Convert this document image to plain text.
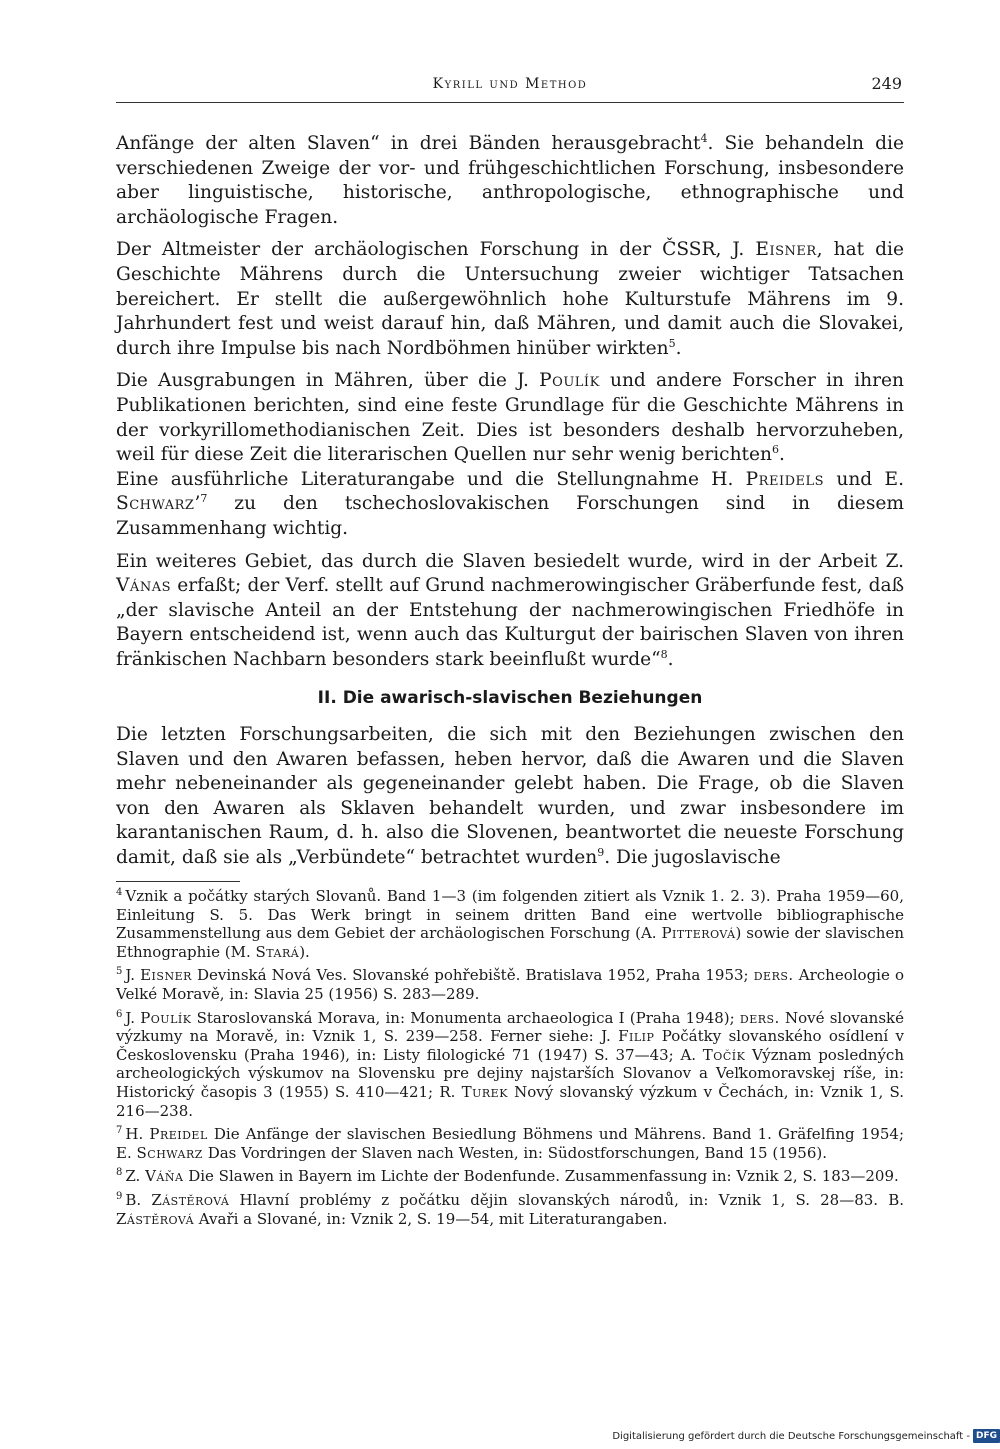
Kyrill und Method	249

Anfänge der alten Slaven“ in drei Bänden herausgebracht$^4$. Sie behandeln die verschiedenen Zweige der vor- und frühgeschichtlichen Forschung, insbesondere aber linguistische, historische, anthropologische, ethnographische und archäologische Fragen.

Der Altmeister der archäologischen Forschung in der ČSSR, J. Eisner, hat die Geschichte Mährens durch die Untersuchung zweier wichtiger Tatsachen bereichert. Er stellt die außergewöhnlich hohe Kulturstufe Mährens im 9. Jahrhundert fest und weist darauf hin, daß Mähren, und damit auch die Slovakei, durch ihre Impulse bis nach Nordböhmen hinüber wirkten$^5$.

Die Ausgrabungen in Mähren, über die J. Poulík und andere Forscher in ihren Publikationen berichten, sind eine feste Grundlage für die Geschichte Mährens in der vorkyrillomethodianischen Zeit. Dies ist besonders deshalb hervorzuheben, weil für diese Zeit die literarischen Quellen nur sehr wenig berichten$^6$.

Eine ausführliche Literaturangabe und die Stellungnahme H. Preidels und E. Schwarz’$^7$ zu den tschechoslovakischen Forschungen sind in diesem Zusammenhang wichtig.

Ein weiteres Gebiet, das durch die Slaven besiedelt wurde, wird in der Arbeit Z. Vánas erfaßt; der Verf. stellt auf Grund nachmerowingischer Gräberfunde fest, daß „der slavische Anteil an der Entstehung der nachmerowingischen Friedhöfe in Bayern entscheidend ist, wenn auch das Kulturgut der bairischen Slaven von ihren fränkischen Nachbarn besonders stark beeinflußt wurde“$^8$.

II. Die awarisch-slavischen Beziehungen

Die letzten Forschungsarbeiten, die sich mit den Beziehungen zwischen den Slaven und den Awaren befassen, heben hervor, daß die Awaren und die Slaven mehr nebeneinander als gegeneinander gelebt haben. Die Frage, ob die Slaven von den Awaren als Sklaven behandelt wurden, und zwar insbesondere im karantanischen Raum, d. h. also die Slovenen, beantwortet die neueste Forschung damit, daß sie als „Verbündete“ betrachtet wurden$^9$. Die jugoslavische

$^4$ Vznik a počátky starých Slovanů. Band 1—3 (im folgenden zitiert als Vznik 1. 2. 3). Praha 1959—60, Einleitung S. 5. Das Werk bringt in seinem dritten Band eine wertvolle bibliographische Zusammenstellung aus dem Gebiet der archäologischen Forschung (A. Pitterová) sowie der slavischen Ethnographie (M. Stará).

$^5$ J. Eisner Devinská Nová Ves. Slovanské pohřebiště. Bratislava 1952, Praha 1953; ders. Archeologie o Velké Moravě, in: Slavia 25 (1956) S. 283—289.

$^6$ J. Poulík Staroslovanská Morava, in: Monumenta archaeologica I (Praha 1948); ders. Nové slovanské výzkumy na Moravě, in: Vznik 1, S. 239—258. Ferner siehe: J. Filip Počátky slovanského osídlení v Československu (Praha 1946), in: Listy filologické 71 (1947) S. 37—43; A. Točík Význam posledných archeologických výskumov na Slovensku pre dejiny najstarších Slovanov a Veľkomoravskej ríše, in: Historický časopis 3 (1955) S. 410—421; R. Turek Nový slovanský výzkum v Čechách, in: Vznik 1, S. 216—238.

$^7$ H. Preidel Die Anfänge der slavischen Besiedlung Böhmens und Mährens. Band 1. Gräfelfing 1954; E. Schwarz Das Vordringen der Slaven nach Westen, in: Südostforschungen, Band 15 (1956).

$^8$ Z. Váňa Die Slawen in Bayern im Lichte der Bodenfunde. Zusammenfassung in: Vznik 2, S. 183—209.

$^9$ B. Zástěrová Hlavní problémy z počátku dějin slovanských národů, in: Vznik 1, S. 28—83. B. Zástěrová Avaři a Slované, in: Vznik 2, S. 19—54, mit Literaturangaben.

Digitalisierung gefördert durch die Deutsche Forschungsgemeinschaft - DFG
